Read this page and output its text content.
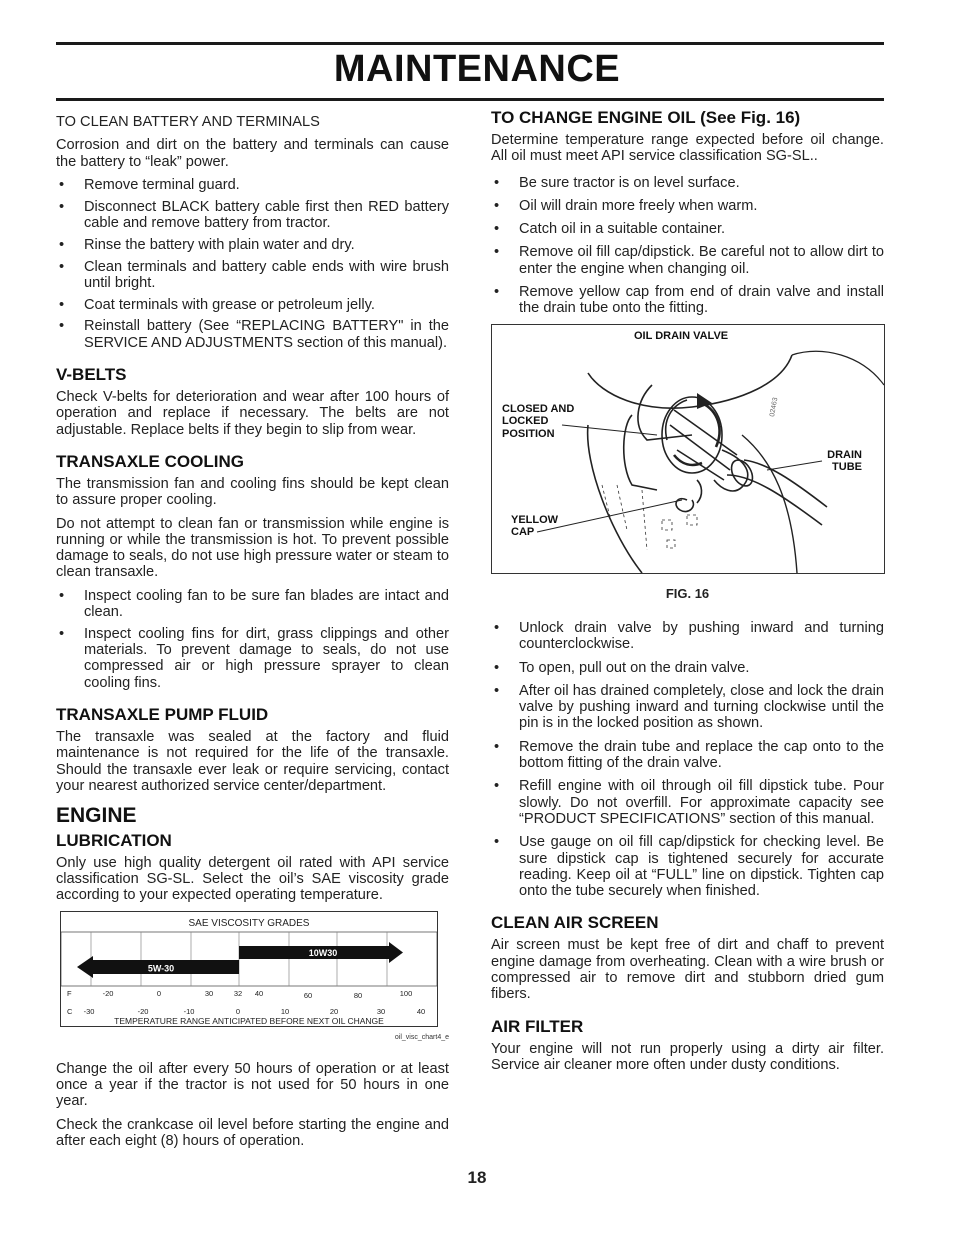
MAINTENANCE

TO CLEAN BATTERY AND TERMINALS

Corrosion and dirt on the battery and terminals can cause the battery to “leak” power.

• Remove terminal guard.
• Disconnect BLACK battery cable first then RED battery cable and remove battery from tractor.
• Rinse the battery with plain water and dry.
• Clean terminals and battery cable ends with wire brush until bright.
• Coat terminals with grease or petroleum jelly.
• Reinstall battery (See “REPLACING BATTERY" in the SERVICE AND ADJUSTMENTS section of this manual).
V-BELTS

Check V-belts for deterioration and wear after 100 hours of operation and replace if necessary. The belts are not adjustable. Replace belts if they begin to slip from wear.

TRANSAXLE COOLING

The transmission fan and cooling fins should be kept clean to assure proper cooling.

Do not attempt to clean fan or transmission while engine is running or while the transmission is hot. To prevent possible damage to seals, do not use high pressure water or steam to clean transaxle.

• Inspect cooling fan to be sure fan blades are intact and clean.
• Inspect cooling fins for dirt, grass clippings and other materials. To prevent damage to seals, do not use compressed air or high pressure sprayer to clean cooling fins.
TRANSAXLE PUMP FLUID

The transaxle was sealed at the factory and fluid maintenance is not required for the life of the transaxle. Should the transaxle ever leak or require servicing, contact your nearest authorized service center/department.

ENGINE
LUBRICATION

Only use high quality detergent oil rated with API service classification SG-SL. Select the oil’s SAE viscosity grade according to your expected operating temperature.

SAE VISCOSITY GRADES
5W-30
10W30
F	-20	0	30	32 40	60	80	100
C -30	-20	-10	0	10	20	30	40
TEMPERATURE RANGE ANTICIPATED BEFORE NEXT OIL CHANGE
oil_visc_chart4_e

Change the oil after every 50 hours of operation or at least once a year if the tractor is not used for 50 hours in one year.

Check the crankcase oil level before starting the engine and after each eight (8) hours of operation.

TO CHANGE ENGINE OIL (See Fig. 16)

Determine temperature range expected before oil change. All oil must meet API service classification SG-SL..

• Be sure tractor is on level surface.
• Oil will drain more freely when warm.
• Catch oil in a suitable container.
• Remove oil fill cap/dipstick. Be careful not to allow dirt to enter the engine when changing oil.
• Remove yellow cap from end of drain valve and install the drain tube onto the fitting.
02463
OIL DRAIN VALVE
CLOSED AND LOCKED POSITION
DRAIN TUBE
YELLOW CAP
FIG. 16
• Unlock drain valve by pushing inward and turning counterclockwise.
• To open, pull out on the drain valve.
• After oil has drained completely, close and lock the drain valve by pushing inward and turning clockwise until the pin is in the locked position as shown.
• Remove the drain tube and replace the cap onto to the bottom fitting of the drain valve.
• Refill engine with oil through oil fill dipstick tube. Pour slowly. Do not overfill. For approximate capacity see “PRODUCT SPECIFICATIONS” section of this manual.
• Use gauge on oil fill cap/dipstick for checking level. Be sure dipstick cap is tightened securely for accurate reading. Keep oil at “FULL” line on dipstick. Tighten cap onto the tube securely when finished.
CLEAN AIR SCREEN

Air screen must be kept free of dirt and chaff to prevent engine damage from overheating. Clean with a wire brush or compressed air to remove dirt and stubborn dried gum fibers.

AIR FILTER

Your engine will not run properly using a dirty air filter. Service air cleaner more often under dusty conditions.

18
